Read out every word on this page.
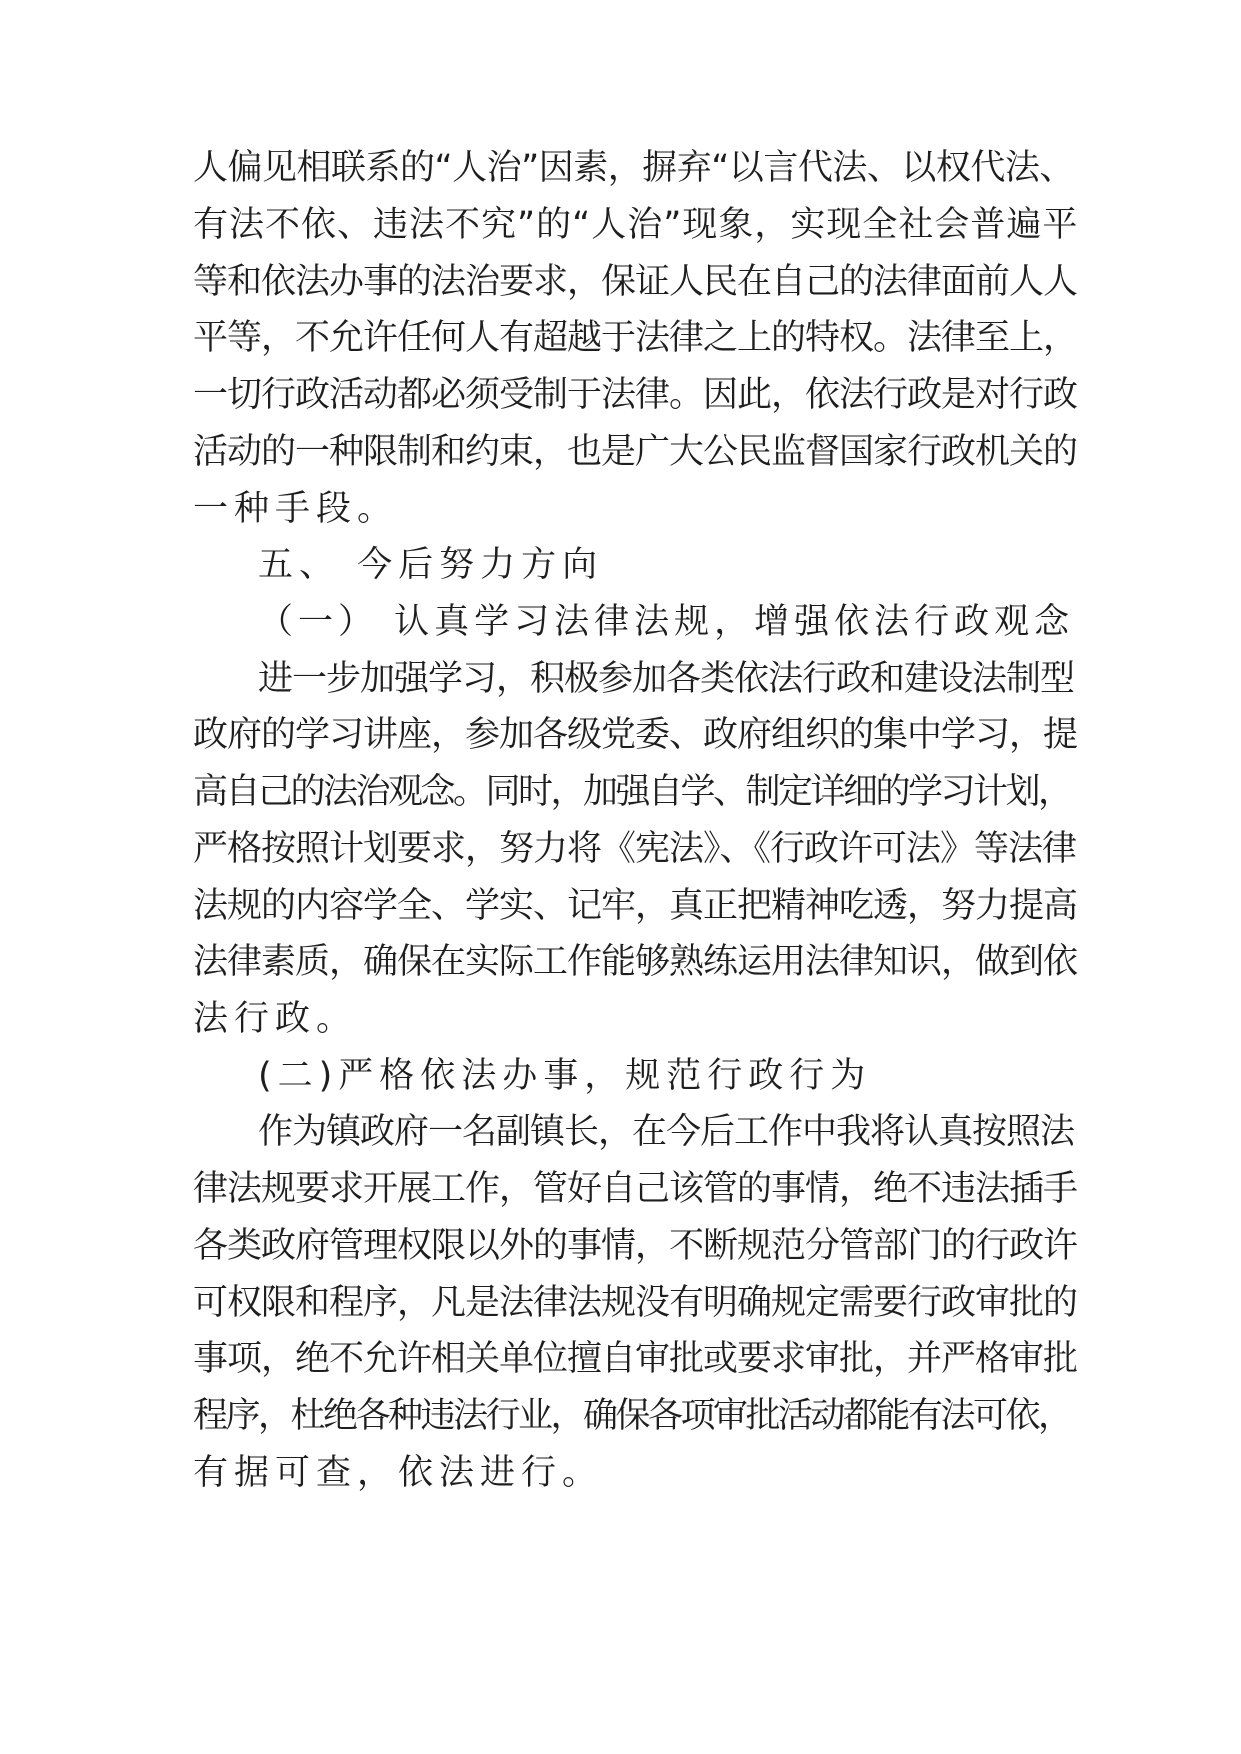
人偏见相联系的“人治”因素，摒弃“以言代法、以权代法、
有法不依、违法不究”的“人治”现象，实现全社会普遍平
等和依法办事的法治要求，保证人民在自己的法律面前人人
平等，不允许任何人有超越于法律之上的特权。法律至上，
一切行政活动都必须受制于法律。因此，依法行政是对行政
活动的一种限制和约束，也是广大公民监督国家行政机关的
一种手段。
五、 今后努力方向
（一） 认真学习法律法规，增强依法行政观念
进一步加强学习，积极参加各类依法行政和建设法制型
政府的学习讲座，参加各级党委、政府组织的集中学习，提
高自己的法治观念。同时，加强自学、制定详细的学习计划，
严格按照计划要求，努力将《宪法》、《行政许可法》等法律
法规的内容学全、学实、记牢，真正把精神吃透，努力提高
法律素质，确保在实际工作能够熟练运用法律知识，做到依
法行政。
(二)严格依法办事，规范行政行为
作为镇政府一名副镇长，在今后工作中我将认真按照法
律法规要求开展工作，管好自己该管的事情，绝不违法插手
各类政府管理权限以外的事情，不断规范分管部门的行政许
可权限和程序，凡是法律法规没有明确规定需要行政审批的
事项，绝不允许相关单位擅自审批或要求审批，并严格审批
程序，杜绝各种违法行业，确保各项审批活动都能有法可依，
有据可查，依法进行。
